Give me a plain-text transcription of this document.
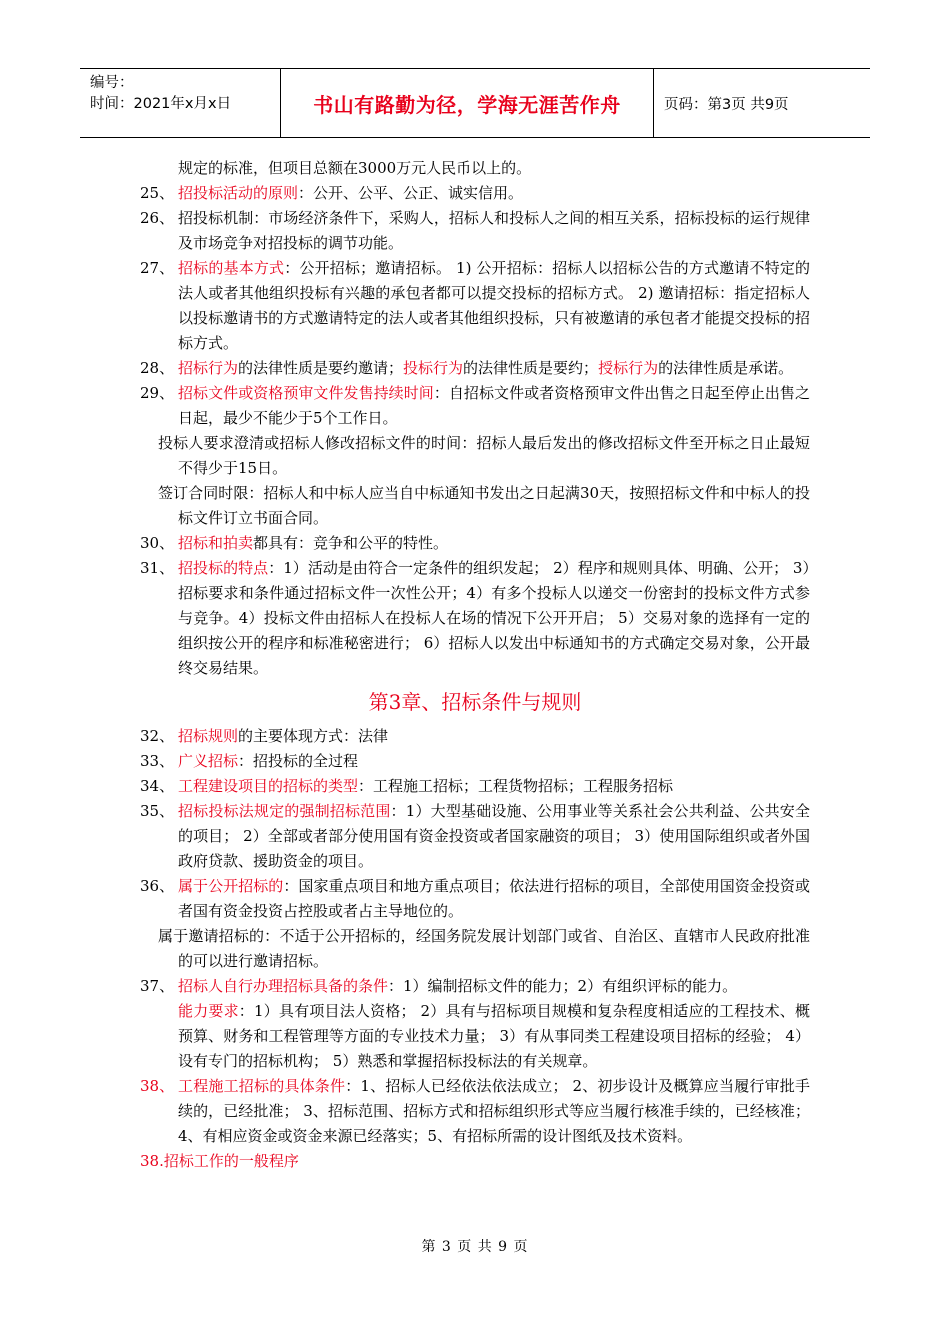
编号：
时间：2021年x月x日	书山有路勤为径，学海无涯苦作舟	页码：第3页 共9页
规定的标准，但项目总额在3000万元人民币以上的。
25、 招投标活动的原则：公开、公平、公正、诚实信用。
26、 招投标机制：市场经济条件下，采购人，招标人和投标人之间的相互关系，招标投标的运行规律及市场竞争对招投标的调节功能。
27、 招标的基本方式：公开招标；邀请招标。 1) 公开招标：招标人以招标公告的方式邀请不特定的法人或者其他组织投标有兴趣的承包者都可以提交投标的招标方式。 2) 邀请招标：指定招标人以投标邀请书的方式邀请特定的法人或者其他组织投标，只有被邀请的承包者才能提交投标的招标方式。
28、 招标行为的法律性质是要约邀请；投标行为的法律性质是要约；授标行为的法律性质是承诺。
29、 招标文件或资格预审文件发售持续时间：自招标文件或者资格预审文件出售之日起至停止出售之日起，最少不能少于5个工作日。
投标人要求澄清或招标人修改招标文件的时间：招标人最后发出的修改招标文件至开标之日止最短不得少于15日。
签订合同时限：招标人和中标人应当自中标通知书发出之日起满30天，按照招标文件和中标人的投标文件订立书面合同。
30、 招标和拍卖都具有：竞争和公平的特性。
31、 招投标的特点：1）活动是由符合一定条件的组织发起； 2）程序和规则具体、明确、公开； 3）招标要求和条件通过招标文件一次性公开；4）有多个投标人以递交一份密封的投标文件方式参与竞争。4）投标文件由招标人在投标人在场的情况下公开开启； 5）交易对象的选择有一定的组织按公开的程序和标准秘密进行； 6）招标人以发出中标通知书的方式确定交易对象，公开最终交易结果。
第3章、招标条件与规则
32、 招标规则的主要体现方式：法律
33、 广义招标：招投标的全过程
34、 工程建设项目的招标的类型：工程施工招标；工程货物招标；工程服务招标
35、 招标投标法规定的强制招标范围：1）大型基础设施、公用事业等关系社会公共利益、公共安全的项目； 2）全部或者部分使用国有资金投资或者国家融资的项目； 3）使用国际组织或者外国政府贷款、援助资金的项目。
36、 属于公开招标的：国家重点项目和地方重点项目；依法进行招标的项目，全部使用国资金投资或者国有资金投资占控股或者占主导地位的。
属于邀请招标的：不适于公开招标的，经国务院发展计划部门或省、自治区、直辖市人民政府批准的可以进行邀请招标。
37、 招标人自行办理招标具备的条件：1）编制招标文件的能力；2）有组织评标的能力。
能力要求：1）具有项目法人资格； 2）具有与招标项目规模和复杂程度相适应的工程技术、概预算、财务和工程管理等方面的专业技术力量； 3）有从事同类工程建设项目招标的经验； 4）设有专门的招标机构； 5）熟悉和掌握招标投标法的有关规章。
38、 工程施工招标的具体条件：1、招标人已经依法依法成立； 2、初步设计及概算应当履行审批手续的，已经批准； 3、招标范围、招标方式和招标组织形式等应当履行核准手续的，已经核准； 4、有相应资金或资金来源已经落实；5、有招标所需的设计图纸及技术资料。
38.招标工作的一般程序
第 3 页 共 9 页
